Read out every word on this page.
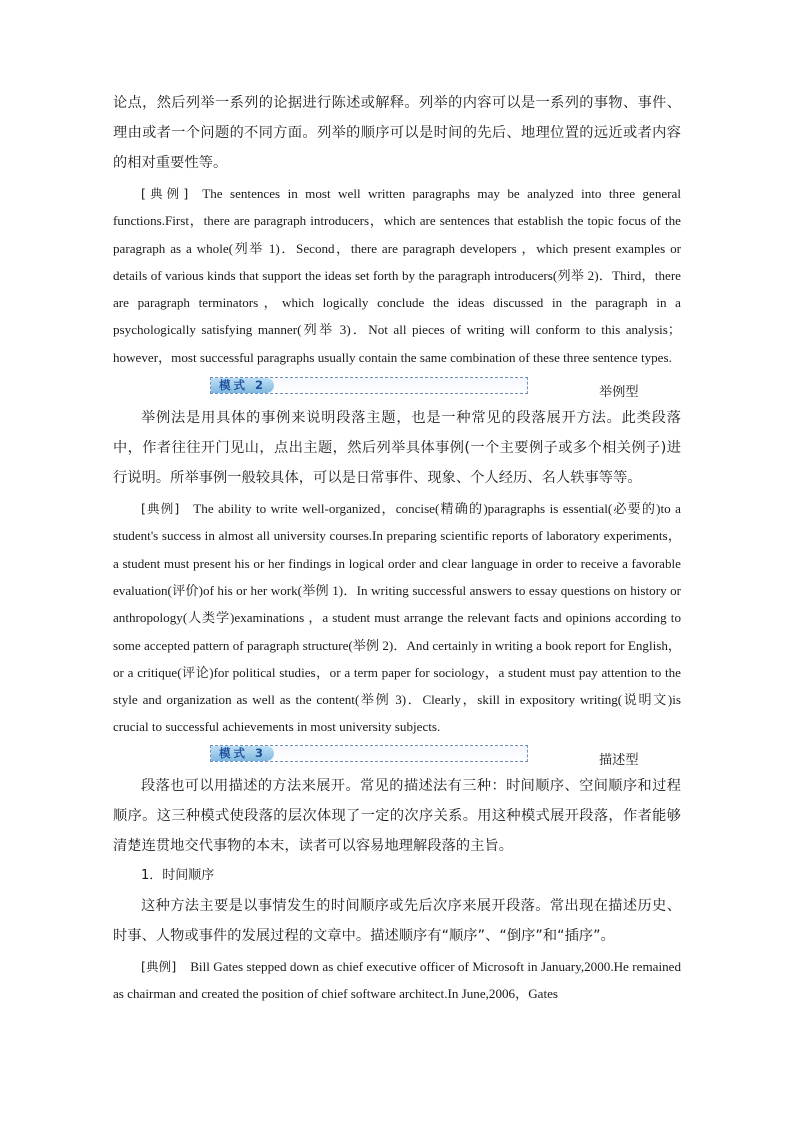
论点，然后列举一系列的论据进行陈述或解释。列举的内容可以是一系列的事物、事件、理由或者一个问题的不同方面。列举的顺序可以是时间的先后、地理位置的远近或者内容的相对重要性等。

[典例] The sentences in most well written paragraphs may be analyzed into three general functions.First，there are paragraph introducers，which are sentences that establish the topic focus of the paragraph as a whole(列举 1)．Second，there are paragraph developers ，which present examples or details of various kinds that support the ideas set forth by the paragraph introducers(列举 2)．Third，there are paragraph terminators，which logically conclude the ideas discussed in the paragraph in a psychologically satisfying manner(列举 3)．Not all pieces of writing will conform to this analysis；however，most successful paragraphs usually contain the same combination of these three sentence types.

模式 2	举例型

举例法是用具体的事例来说明段落主题，也是一种常见的段落展开方法。此类段落中，作者往往开门见山，点出主题，然后列举具体事例(一个主要例子或多个相关例子)进行说明。所举事例一般较具体，可以是日常事件、现象、个人经历、名人轶事等等。

[典例] The ability to write well-organized，concise(精确的)paragraphs is essential(必要的)to a student's success in almost all university courses.In preparing scientific reports of laboratory experiments，a student must present his or her findings in logical order and clear language in order to receive a favorable evaluation(评价)of his or her work(举例 1)．In writing successful answers to essay questions on history or anthropology(人类学)examinations ，a student must arrange the relevant facts and opinions according to some accepted pattern of paragraph structure(举例 2)．And certainly in writing a book report for English，or a critique(评论)for political studies，or a term paper for sociology，a student must pay attention to the style and organization as well as the content(举例 3)．Clearly，skill in expository writing(说明文)is crucial to successful achievements in most university subjects.

模式 3	描述型

段落也可以用描述的方法来展开。常见的描述法有三种：时间顺序、空间顺序和过程顺序。这三种模式使段落的层次体现了一定的次序关系。用这种模式展开段落，作者能够清楚连贯地交代事物的本末，读者可以容易地理解段落的主旨。

1．时间顺序

这种方法主要是以事情发生的时间顺序或先后次序来展开段落。常出现在描述历史、时事、人物或事件的发展过程的文章中。描述顺序有“顺序”、“倒序”和“插序”。

[典例] Bill Gates stepped down as chief executive officer of Microsoft in January,2000.He remained as chairman and created the position of chief software architect.In June,2006，Gates
